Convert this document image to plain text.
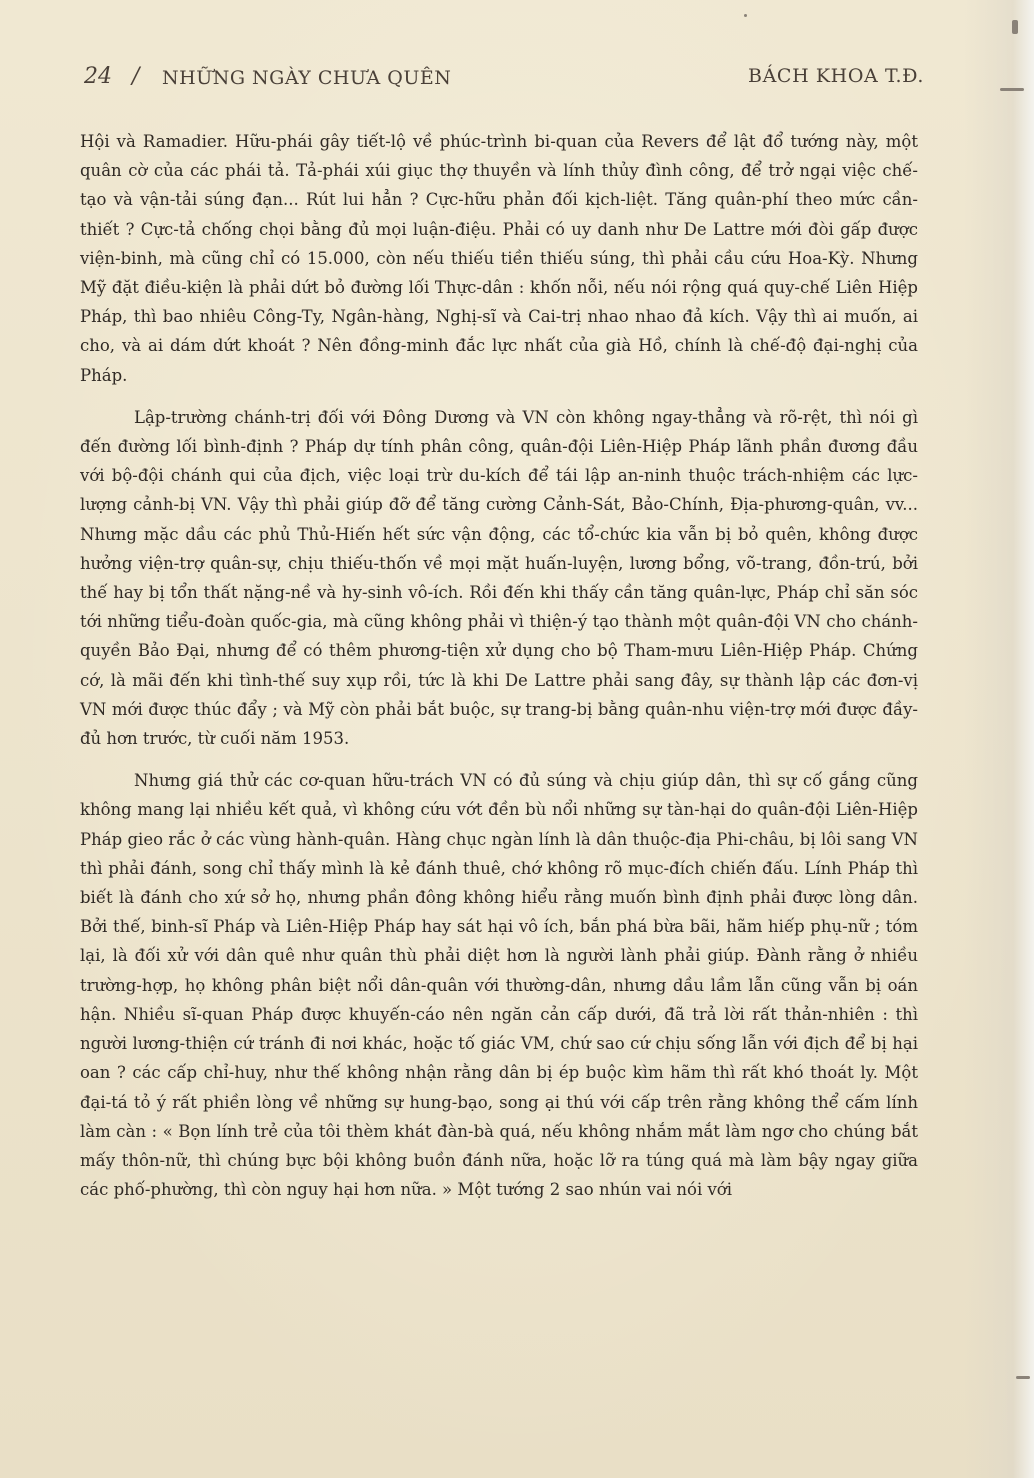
24 / NHỮNG NGÀY CHƯA QUÊN	BÁCH KHOA T.Đ.

Hội và Ramadier. Hữu-phái gây tiết-lộ về phúc-trình bi-quan của Revers để lật đổ tướng này, một quân cờ của các phái tả. Tả-phái xúi giục thợ thuyền và lính thủy đình công, để trở ngại việc chế-tạo và vận-tải súng đạn... Rút lui hẳn ? Cực-hữu phản đối kịch-liệt. Tăng quân-phí theo mức cần-thiết ? Cực-tả chống chọi bằng đủ mọi luận-điệu. Phải có uy danh như De Lattre mới đòi gấp được viện-binh, mà cũng chỉ có 15.000, còn nếu thiếu tiền thiếu súng, thì phải cầu cứu Hoa-Kỳ. Nhưng Mỹ đặt điều-kiện là phải dứt bỏ đường lối Thực-dân : khốn nỗi, nếu nói rộng quá quy-chế Liên Hiệp Pháp, thì bao nhiêu Công-Ty, Ngân-hàng, Nghị-sĩ và Cai-trị nhao nhao đả kích. Vậy thì ai muốn, ai cho, và ai dám dứt khoát ? Nên đồng-minh đắc lực nhất của già Hồ, chính là chế-độ đại-nghị của Pháp.

Lập-trường chánh-trị đối với Đông Dương và VN còn không ngay-thẳng và rõ-rệt, thì nói gì đến đường lối bình-định ? Pháp dự tính phân công, quân-đội Liên-Hiệp Pháp lãnh phần đương đầu với bộ-đội chánh qui của địch, việc loại trừ du-kích để tái lập an-ninh thuộc trách-nhiệm các lực-lượng cảnh-bị VN. Vậy thì phải giúp đỡ để tăng cường Cảnh-Sát, Bảo-Chính, Địa-phương-quân, vv... Nhưng mặc dầu các phủ Thủ-Hiến hết sức vận động, các tổ-chức kia vẫn bị bỏ quên, không được hưởng viện-trợ quân-sự, chịu thiếu-thốn về mọi mặt huấn-luyện, lương bổng, võ-trang, đồn-trú, bởi thế hay bị tổn thất nặng-nề và hy-sinh vô-ích. Rồi đến khi thấy cần tăng quân-lực, Pháp chỉ săn sóc tới những tiểu-đoàn quốc-gia, mà cũng không phải vì thiện-ý tạo thành một quân-đội VN cho chánh-quyền Bảo Đại, nhưng để có thêm phương-tiện xử dụng cho bộ Tham-mưu Liên-Hiệp Pháp. Chứng cớ, là mãi đến khi tình-thế suy xụp rồi, tức là khi De Lattre phải sang đây, sự thành lập các đơn-vị VN mới được thúc đẩy ; và Mỹ còn phải bắt buộc, sự trang-bị bằng quân-nhu viện-trợ mới được đầy-đủ hơn trước, từ cuối năm 1953.

Nhưng giá thử các cơ-quan hữu-trách VN có đủ súng và chịu giúp dân, thì sự cố gắng cũng không mang lại nhiều kết quả, vì không cứu vớt đền bù nổi những sự tàn-hại do quân-đội Liên-Hiệp Pháp gieo rắc ở các vùng hành-quân. Hàng chục ngàn lính là dân thuộc-địa Phi-châu, bị lôi sang VN thì phải đánh, song chỉ thấy mình là kẻ đánh thuê, chớ không rõ mục-đích chiến đấu. Lính Pháp thì biết là đánh cho xứ sở họ, nhưng phần đông không hiểu rằng muốn bình định phải được lòng dân. Bởi thế, binh-sĩ Pháp và Liên-Hiệp Pháp hay sát hại vô ích, bắn phá bừa bãi, hãm hiếp phụ-nữ ; tóm lại, là đối xử với dân quê như quân thù phải diệt hơn là người lành phải giúp. Đành rằng ở nhiều trường-hợp, họ không phân biệt nổi dân-quân với thường-dân, nhưng dầu lầm lẫn cũng vẫn bị oán hận. Nhiều sĩ-quan Pháp được khuyến-cáo nên ngăn cản cấp dưới, đã trả lời rất thản-nhiên : thì người lương-thiện cứ tránh đi nơi khác, hoặc tố giác VM, chứ sao cứ chịu sống lẫn với địch để bị hại oan ? các cấp chỉ-huy, như thế không nhận rằng dân bị ép buộc kìm hãm thì rất khó thoát ly. Một đại-tá tỏ ý rất phiền lòng về những sự hung-bạo, song ại thú với cấp trên rằng không thể cấm lính làm càn : « Bọn lính trẻ của tôi thèm khát đàn-bà quá, nếu không nhắm mắt làm ngơ cho chúng bắt mấy thôn-nữ, thì chúng bực bội không buồn đánh nữa, hoặc lỡ ra túng quá mà làm bậy ngay giữa các phố-phường, thì còn nguy hại hơn nữa. » Một tướng 2 sao nhún vai nói với
